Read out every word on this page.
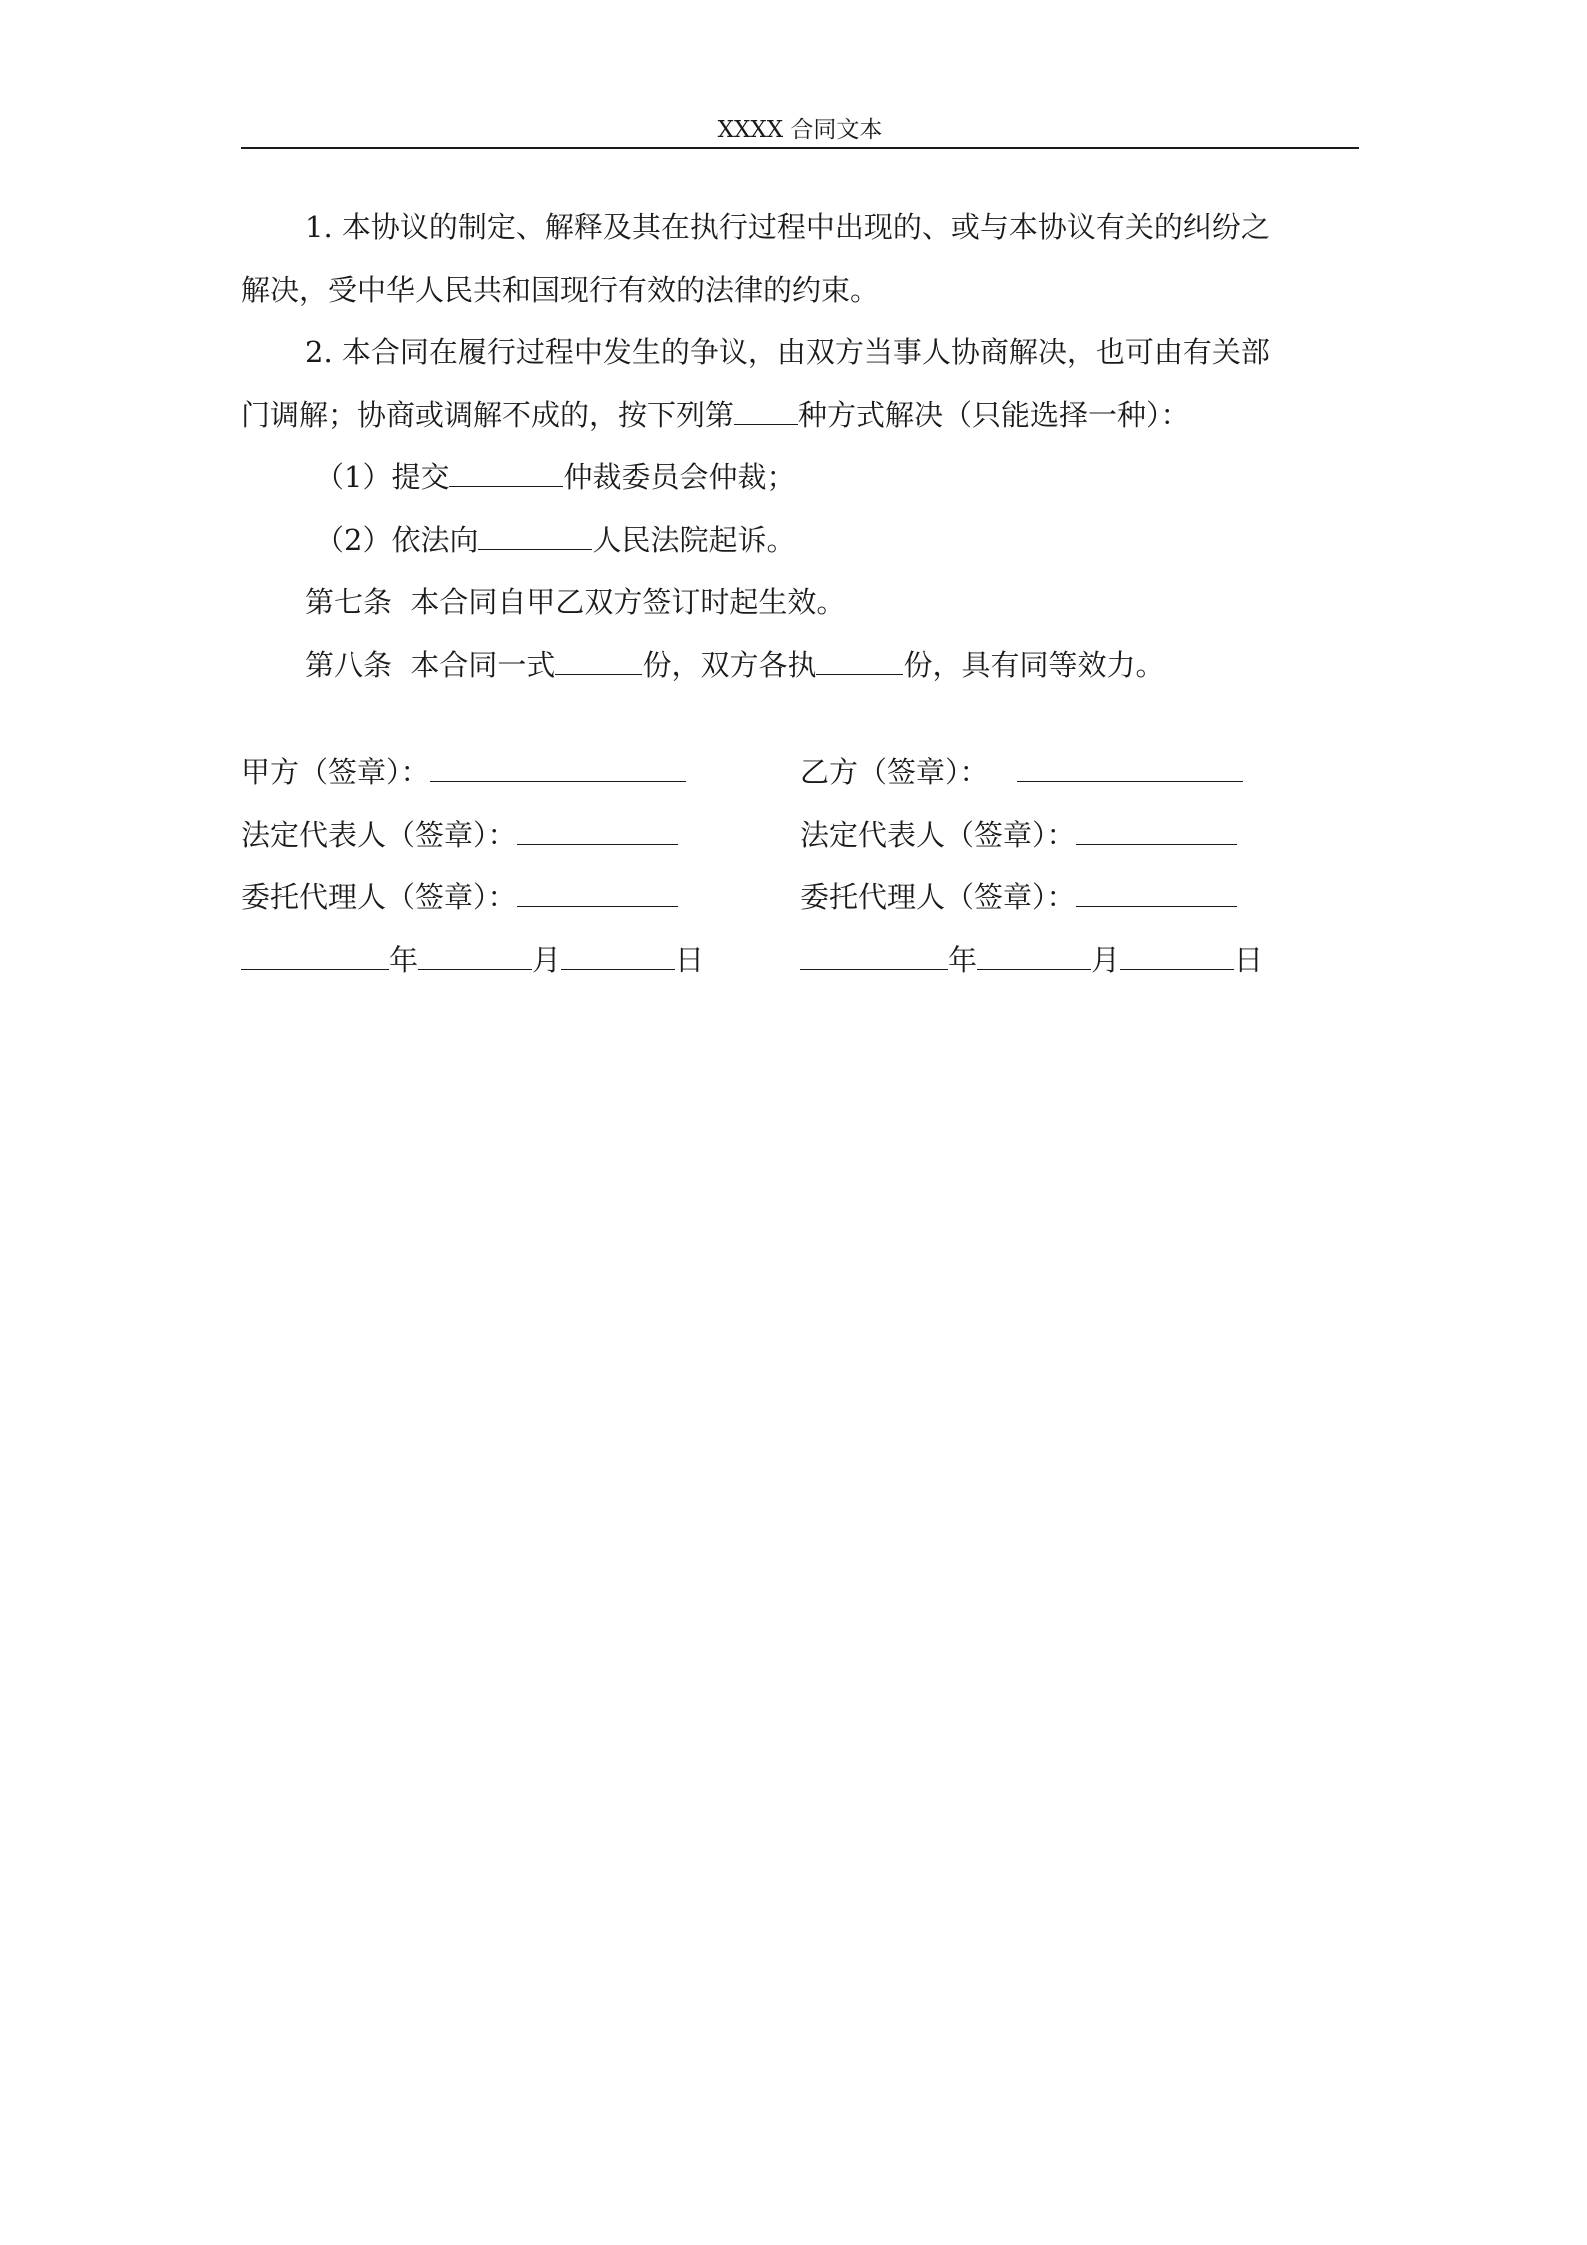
XXXX 合同文本
1. 本协议的制定、解释及其在执行过程中出现的、或与本协议有关的纠纷之
解决，受中华人民共和国现行有效的法律的约束。
2. 本合同在履行过程中发生的争议，由双方当事人协商解决，也可由有关部
门调解；协商或调解不成的，按下列第 种方式解决（只能选择一种）：
（1）提交	仲裁委员会仲裁；
（2）依法向	人民法院起诉。
第七条  本合同自甲乙双方签订时起生效。
第八条  本合同一式	份，双方各执	份，具有同等效力。
甲方（签章）：
法定代表人（签章）：
委托代理人（签章）：
年	月	日
乙方（签章）：
法定代表人（签章）：
委托代理人（签章）：
年	月	日
